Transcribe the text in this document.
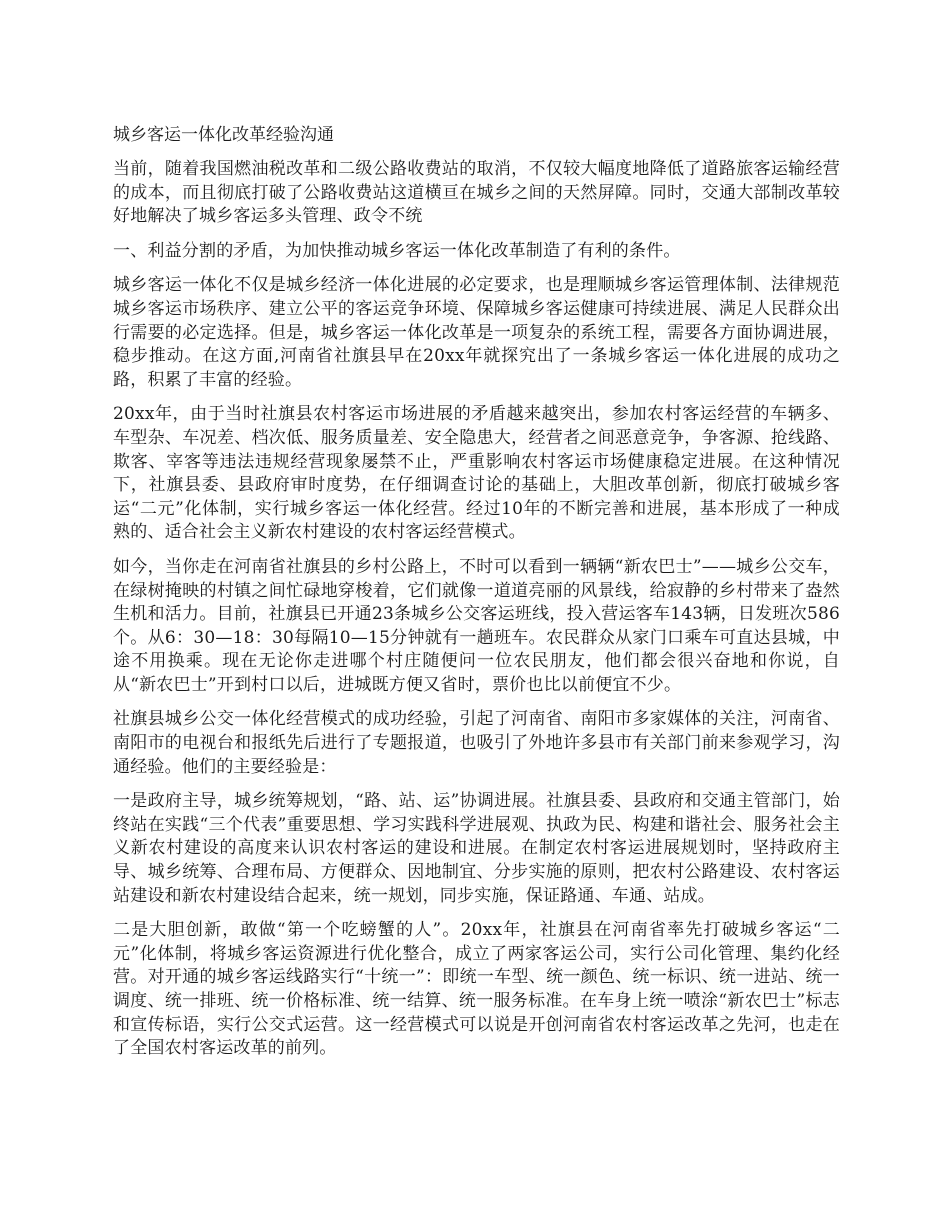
城乡客运一体化改革经验沟通

当前，随着我国燃油税改革和二级公路收费站的取消，不仅较大幅度地降低了道路旅客运输经营的成本，而且彻底打破了公路收费站这道横亘在城乡之间的天然屏障。同时，交通大部制改革较好地解决了城乡客运多头管理、政令不统

一、利益分割的矛盾，为加快推动城乡客运一体化改革制造了有利的条件。

城乡客运一体化不仅是城乡经济一体化进展的必定要求，也是理顺城乡客运管理体制、法律规范城乡客运市场秩序、建立公平的客运竞争环境、保障城乡客运健康可持续进展、满足人民群众出行需要的必定选择。但是，城乡客运一体化改革是一项复杂的系统工程，需要各方面协调进展，稳步推动。在这方面,河南省社旗县早在20xx年就探究出了一条城乡客运一体化进展的成功之路，积累了丰富的经验。

20xx年，由于当时社旗县农村客运市场进展的矛盾越来越突出，参加农村客运经营的车辆多、车型杂、车况差、档次低、服务质量差、安全隐患大，经营者之间恶意竞争，争客源、抢线路、欺客、宰客等违法违规经营现象屡禁不止，严重影响农村客运市场健康稳定进展。在这种情况下，社旗县委、县政府审时度势，在仔细调查讨论的基础上，大胆改革创新，彻底打破城乡客运“二元”化体制，实行城乡客运一体化经营。经过10年的不断完善和进展，基本形成了一种成熟的、适合社会主义新农村建设的农村客运经营模式。

如今，当你走在河南省社旗县的乡村公路上，不时可以看到一辆辆“新农巴士”——城乡公交车，在绿树掩映的村镇之间忙碌地穿梭着，它们就像一道道亮丽的风景线，给寂静的乡村带来了盎然生机和活力。目前，社旗县已开通23条城乡公交客运班线，投入营运客车143辆，日发班次586个。从6：30—18：30每隔10—15分钟就有一趟班车。农民群众从家门口乘车可直达县城，中途不用换乘。现在无论你走进哪个村庄随便问一位农民朋友，他们都会很兴奋地和你说，自从“新农巴士”开到村口以后，进城既方便又省时，票价也比以前便宜不少。

社旗县城乡公交一体化经营模式的成功经验，引起了河南省、南阳市多家媒体的关注，河南省、南阳市的电视台和报纸先后进行了专题报道，也吸引了外地许多县市有关部门前来参观学习，沟通经验。他们的主要经验是：

一是政府主导，城乡统筹规划，“路、站、运”协调进展。社旗县委、县政府和交通主管部门，始终站在实践“三个代表”重要思想、学习实践科学进展观、执政为民、构建和谐社会、服务社会主义新农村建设的高度来认识农村客运的建设和进展。在制定农村客运进展规划时，坚持政府主导、城乡统筹、合理布局、方便群众、因地制宜、分步实施的原则，把农村公路建设、农村客运站建设和新农村建设结合起来，统一规划，同步实施，保证路通、车通、站成。

二是大胆创新，敢做“第一个吃螃蟹的人”。20xx年，社旗县在河南省率先打破城乡客运“二元”化体制，将城乡客运资源进行优化整合，成立了两家客运公司，实行公司化管理、集约化经营。对开通的城乡客运线路实行“十统一”：即统一车型、统一颜色、统一标识、统一进站、统一调度、统一排班、统一价格标准、统一结算、统一服务标准。在车身上统一喷涂“新农巴士”标志和宣传标语，实行公交式运营。这一经营模式可以说是开创河南省农村客运改革之先河，也走在了全国农村客运改革的前列。
